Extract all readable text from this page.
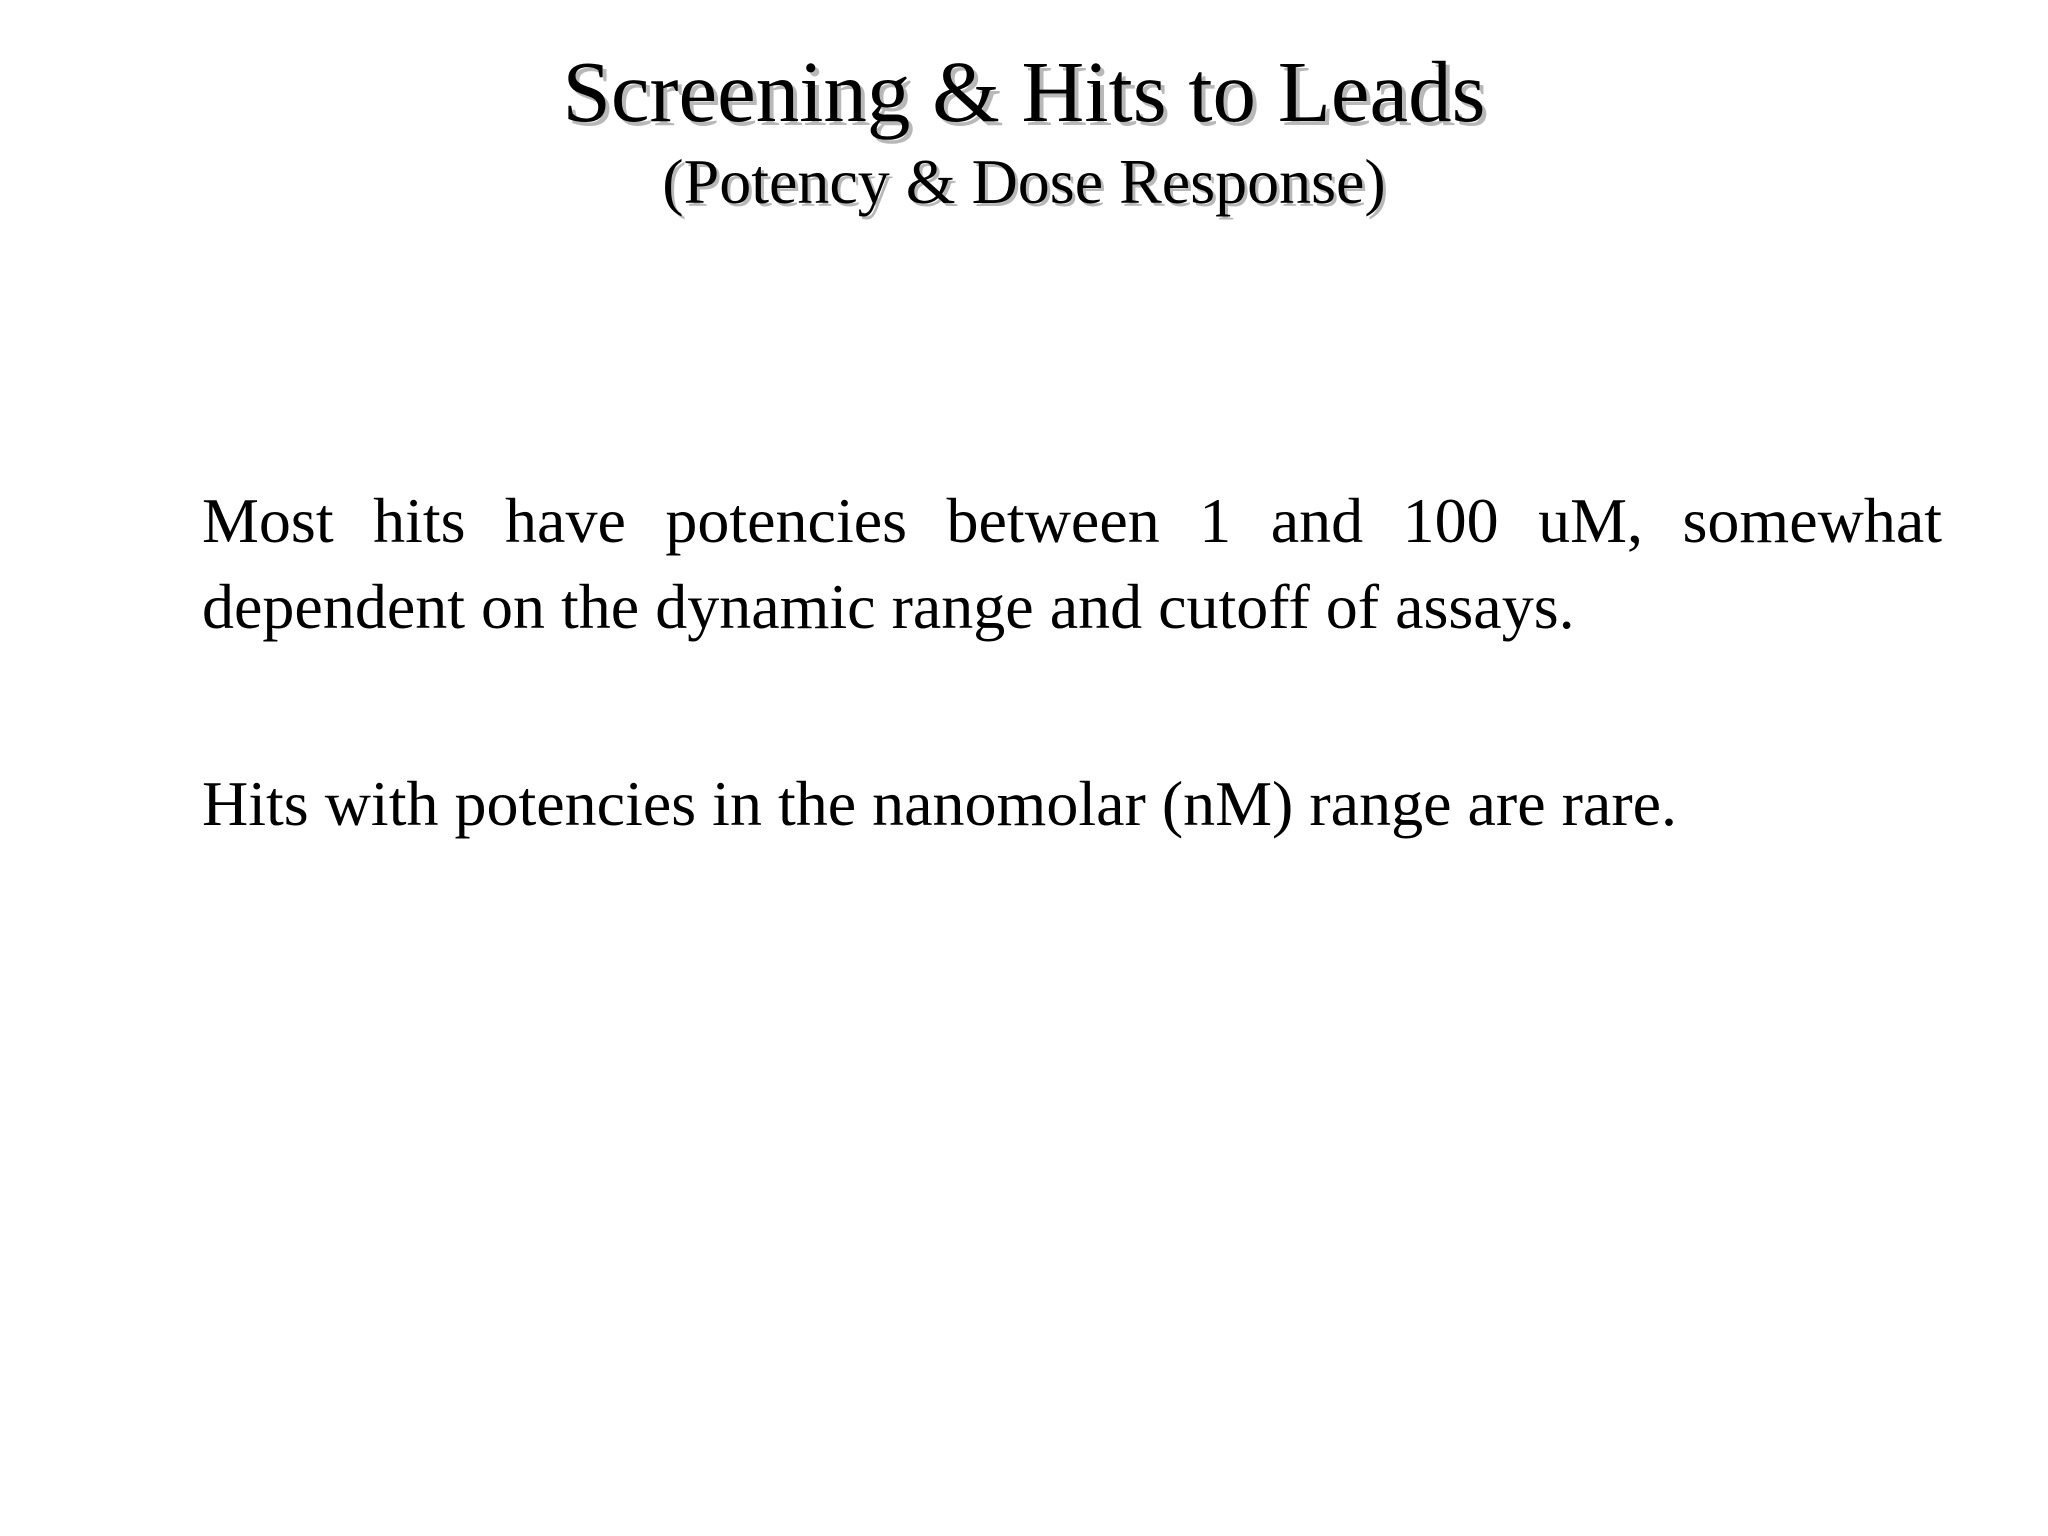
Screening & Hits to Leads
(Potency & Dose Response)

Most hits have potencies between 1 and 100 uM, somewhat dependent on the dynamic range and cutoff of assays.

Hits with potencies in the nanomolar (nM) range are rare.
